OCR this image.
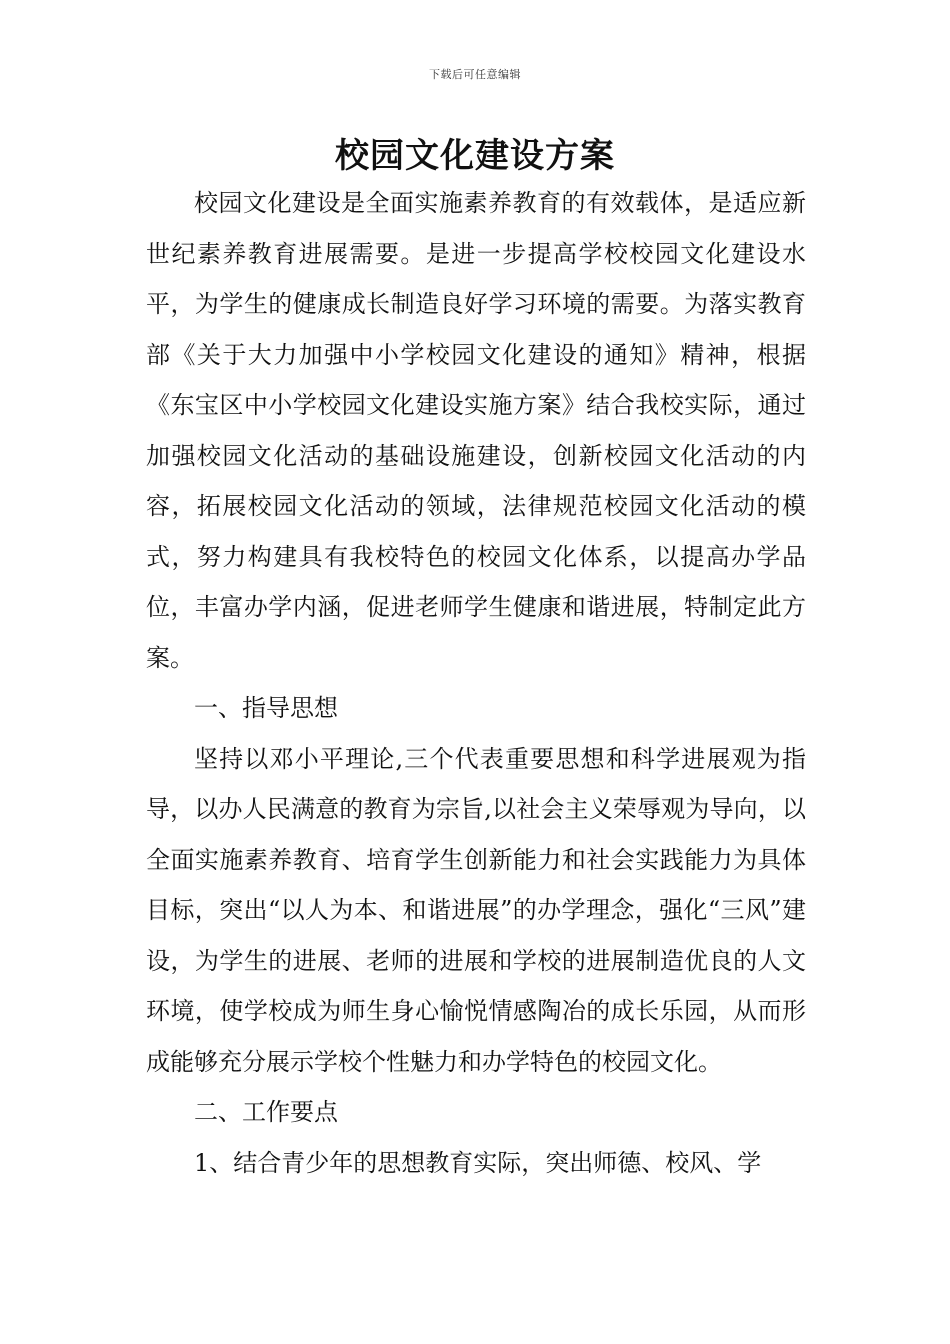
下载后可任意编辑
校园文化建设方案

校园文化建设是全面实施素养教育的有效载体，是适应新世纪素养教育进展需要。是进一步提高学校校园文化建设水平，为学生的健康成长制造良好学习环境的需要。为落实教育部《关于大力加强中小学校园文化建设的通知》精神，根据《东宝区中小学校园文化建设实施方案》结合我校实际，通过加强校园文化活动的基础设施建设，创新校园文化活动的内容，拓展校园文化活动的领域，法律规范校园文化活动的模式，努力构建具有我校特色的校园文化体系，以提高办学品位，丰富办学内涵，促进老师学生健康和谐进展，特制定此方案。

一、指导思想

坚持以邓小平理论,三个代表重要思想和科学进展观为指导，以办人民满意的教育为宗旨,以社会主义荣辱观为导向，以全面实施素养教育、培育学生创新能力和社会实践能力为具体目标，突出“以人为本、和谐进展”的办学理念，强化“三风”建设，为学生的进展、老师的进展和学校的进展制造优良的人文环境，使学校成为师生身心愉悦情感陶冶的成长乐园，从而形成能够充分展示学校个性魅力和办学特色的校园文化。

二、工作要点

1、结合青少年的思想教育实际，突出师德、校风、学
